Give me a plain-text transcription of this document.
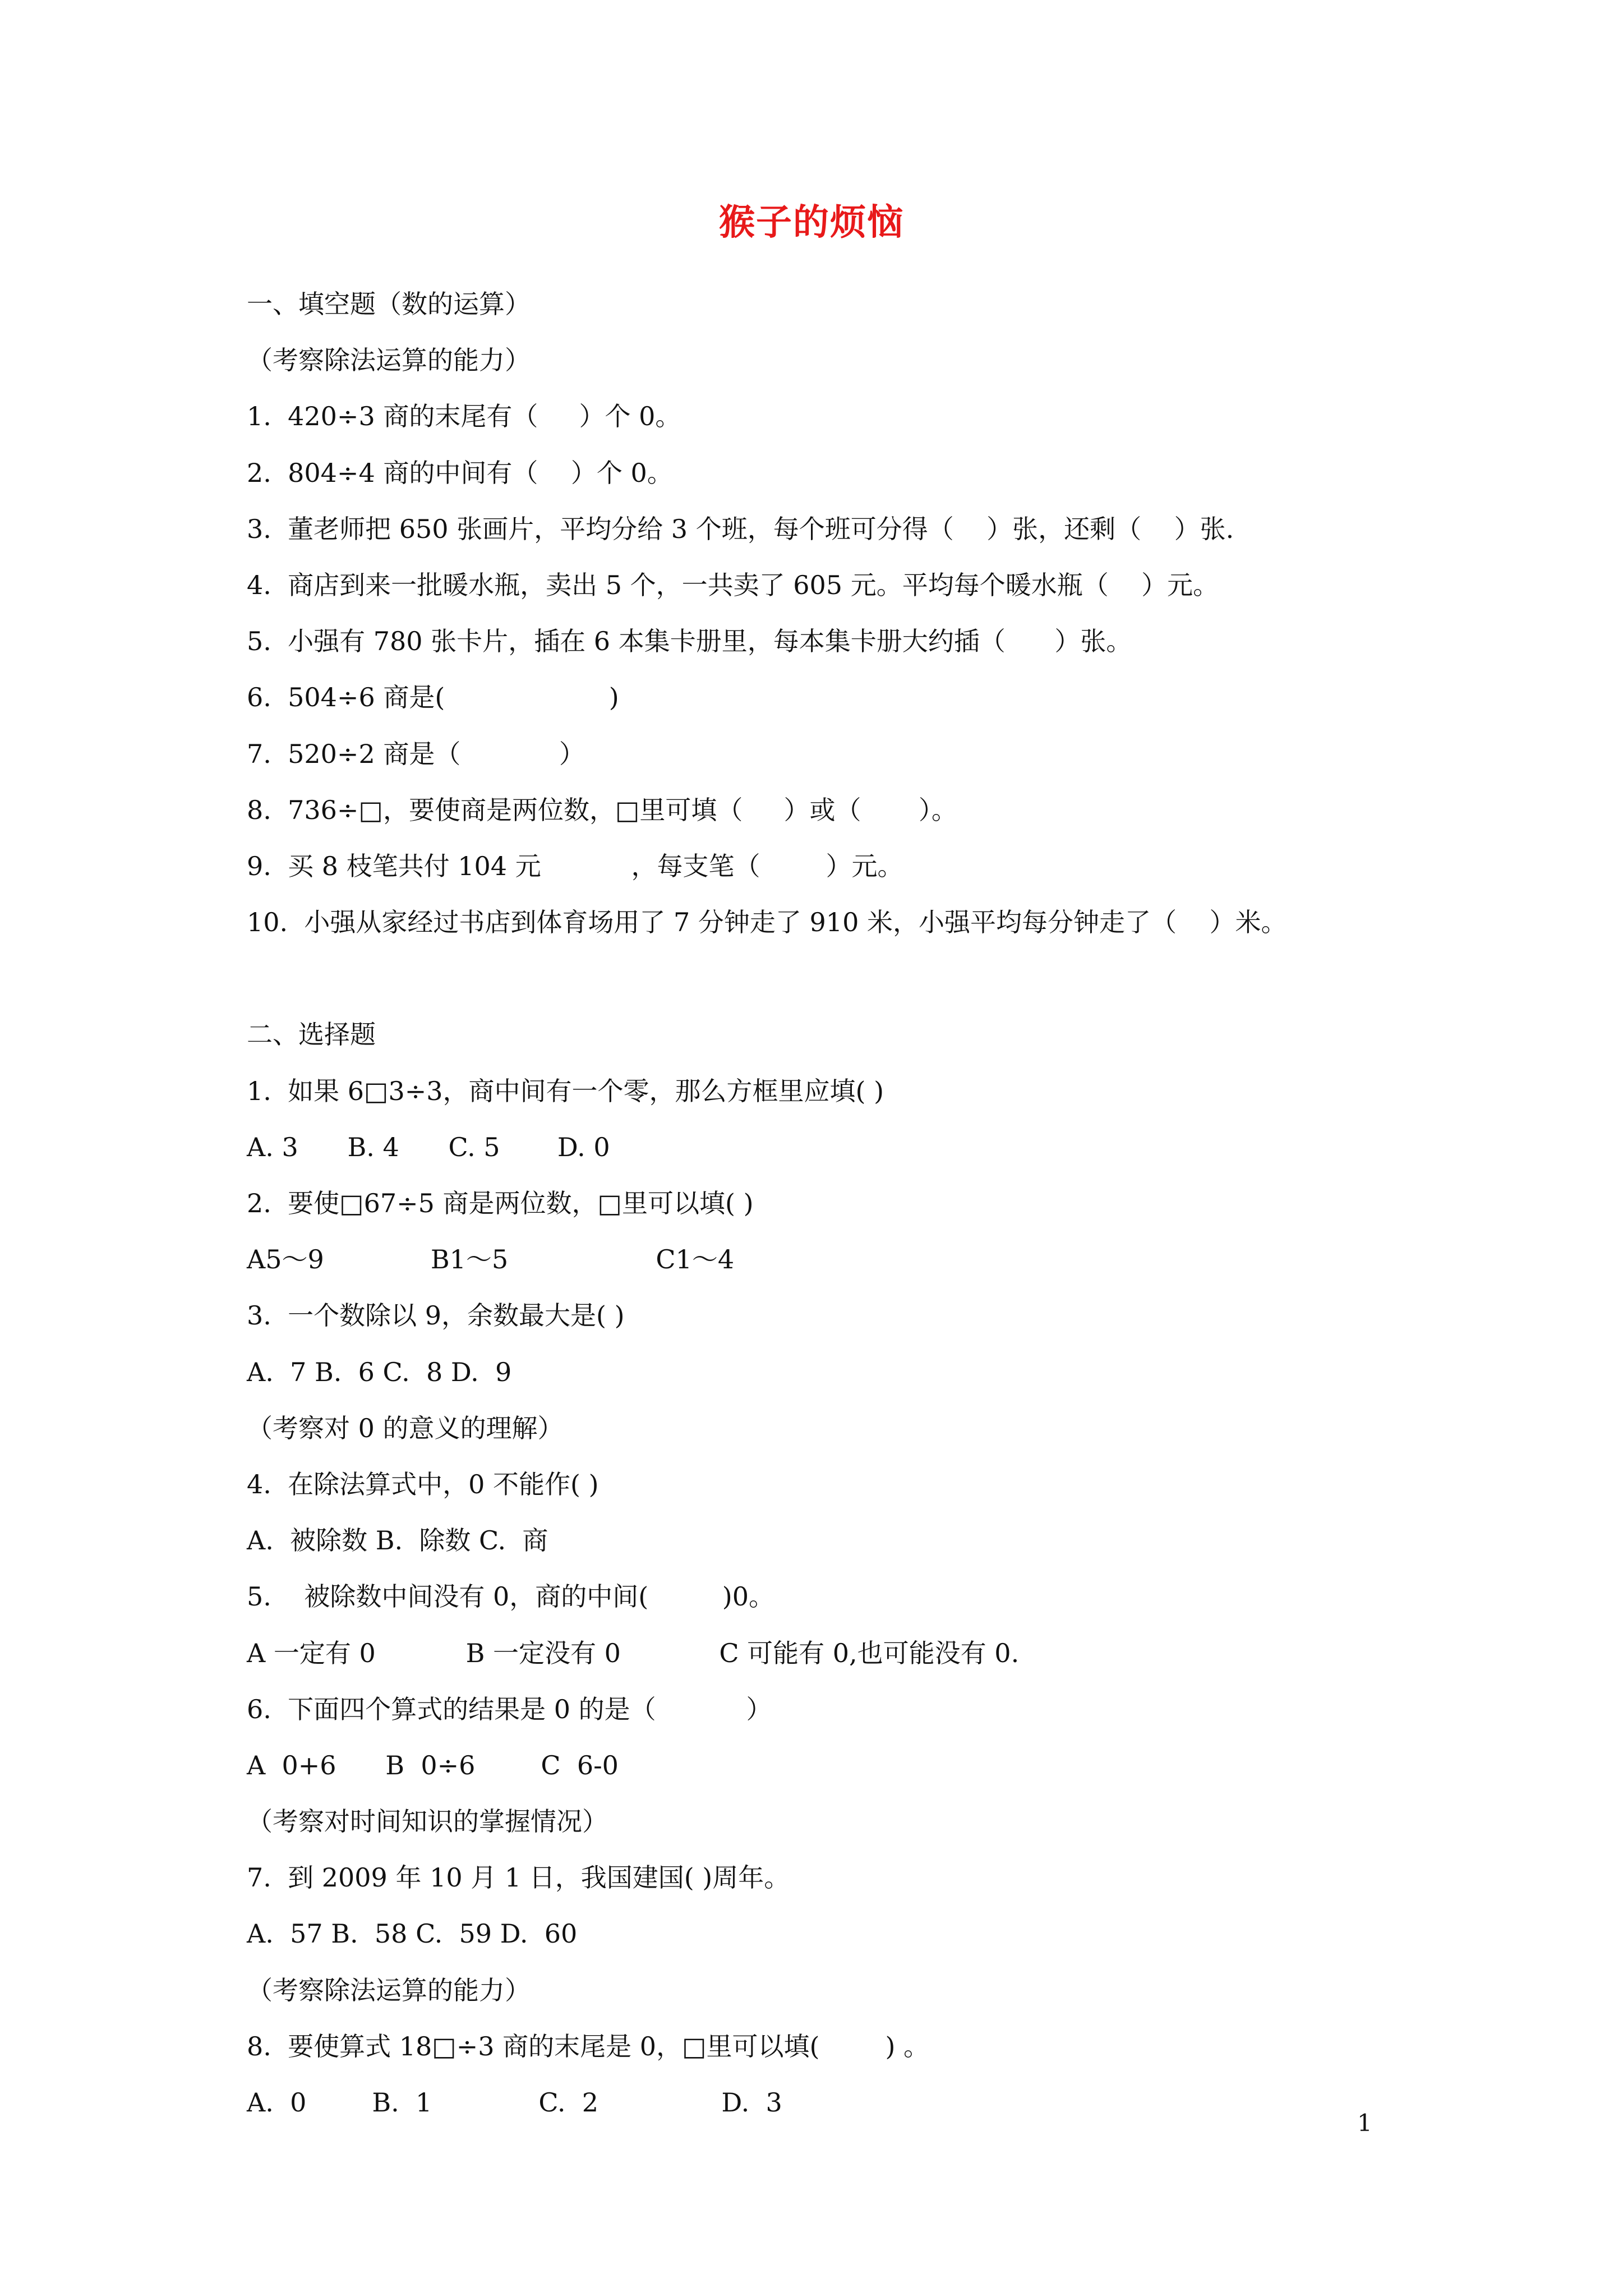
猴子的烦恼
一、填空题（数的运算）
（考察除法运算的能力）
1.  420÷3 商的末尾有（     ）个 0。
2.  804÷4 商的中间有（    ）个 0。
3.  董老师把 650 张画片，平均分给 3 个班，每个班可分得（    ）张，还剩（    ）张.
4.  商店到来一批暖水瓶，卖出 5 个，一共卖了 605 元。平均每个暖水瓶（    ）元。
5.  小强有 780 张卡片，插在 6 本集卡册里，每本集卡册大约插（      ）张。
6.  504÷6 商是(                    )
7.  520÷2 商是（            ）
8.  736÷□，要使商是两位数，□里可填（     ）或（       ）。
9.  买 8 枝笔共付 104 元           ，每支笔（        ）元。
10.  小强从家经过书店到体育场用了 7 分钟走了 910 米，小强平均每分钟走了（    ）米。
二、选择题
1.  如果 6□3÷3，商中间有一个零，那么方框里应填( )
A. 3      B. 4      C. 5       D. 0
2.  要使□67÷5 商是两位数，□里可以填( )
A5～9             B1～5                  C1～4
3.  一个数除以 9，余数最大是( )
A.  7 B.  6 C.  8 D.  9
（考察对 0 的意义的理解）
4.  在除法算式中，0 不能作( )
A.  被除数 B.  除数 C.  商
5.    被除数中间没有 0，商的中间(         )0。
A 一定有 0           B 一定没有 0            C 可能有 0,也可能没有 0.
6.  下面四个算式的结果是 0 的是（           ）
A  0+6      B  0÷6        C  6-0
（考察对时间知识的掌握情况）
7.  到 2009 年 10 月 1 日，我国建国( )周年。
A.  57 B.  58 C.  59 D.  60
（考察除法运算的能力）
8.  要使算式 18□÷3 商的末尾是 0，□里可以填(        ) 。
A.  0        B.  1             C.  2               D.  3
1
